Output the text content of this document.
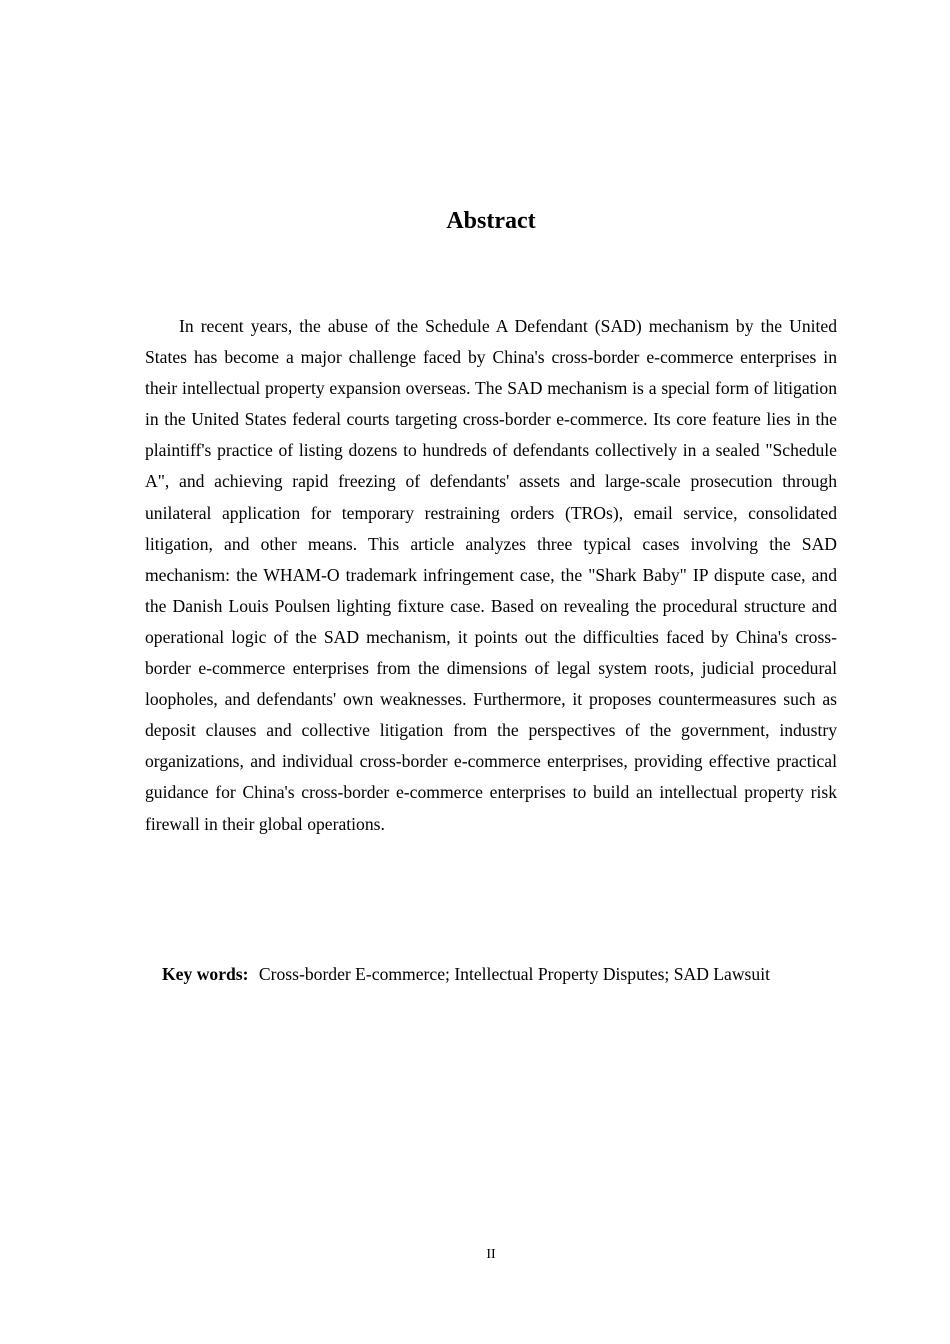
Abstract

In recent years, the abuse of the Schedule A Defendant (SAD) mechanism by the United States has become a major challenge faced by China's cross-border e-commerce enterprises in their intellectual property expansion overseas. The SAD mechanism is a special form of litigation in the United States federal courts targeting cross-border e-commerce. Its core feature lies in the plaintiff's practice of listing dozens to hundreds of defendants collectively in a sealed "Schedule A", and achieving rapid freezing of defendants' assets and large-scale prosecution through unilateral application for temporary restraining orders (TROs), email service, consolidated litigation, and other means. This article analyzes three typical cases involving the SAD mechanism: the WHAM-O trademark infringement case, the "Shark Baby" IP dispute case, and the Danish Louis Poulsen lighting fixture case. Based on revealing the procedural structure and operational logic of the SAD mechanism, it points out the difficulties faced by China's cross-border e-commerce enterprises from the dimensions of legal system roots, judicial procedural loopholes, and defendants' own weaknesses. Furthermore, it proposes countermeasures such as deposit clauses and collective litigation from the perspectives of the government, industry organizations, and individual cross-border e-commerce enterprises, providing effective practical guidance for China's cross-border e-commerce enterprises to build an intellectual property risk firewall in their global operations.

Key words: Cross-border E-commerce; Intellectual Property Disputes; SAD Lawsuit

II
